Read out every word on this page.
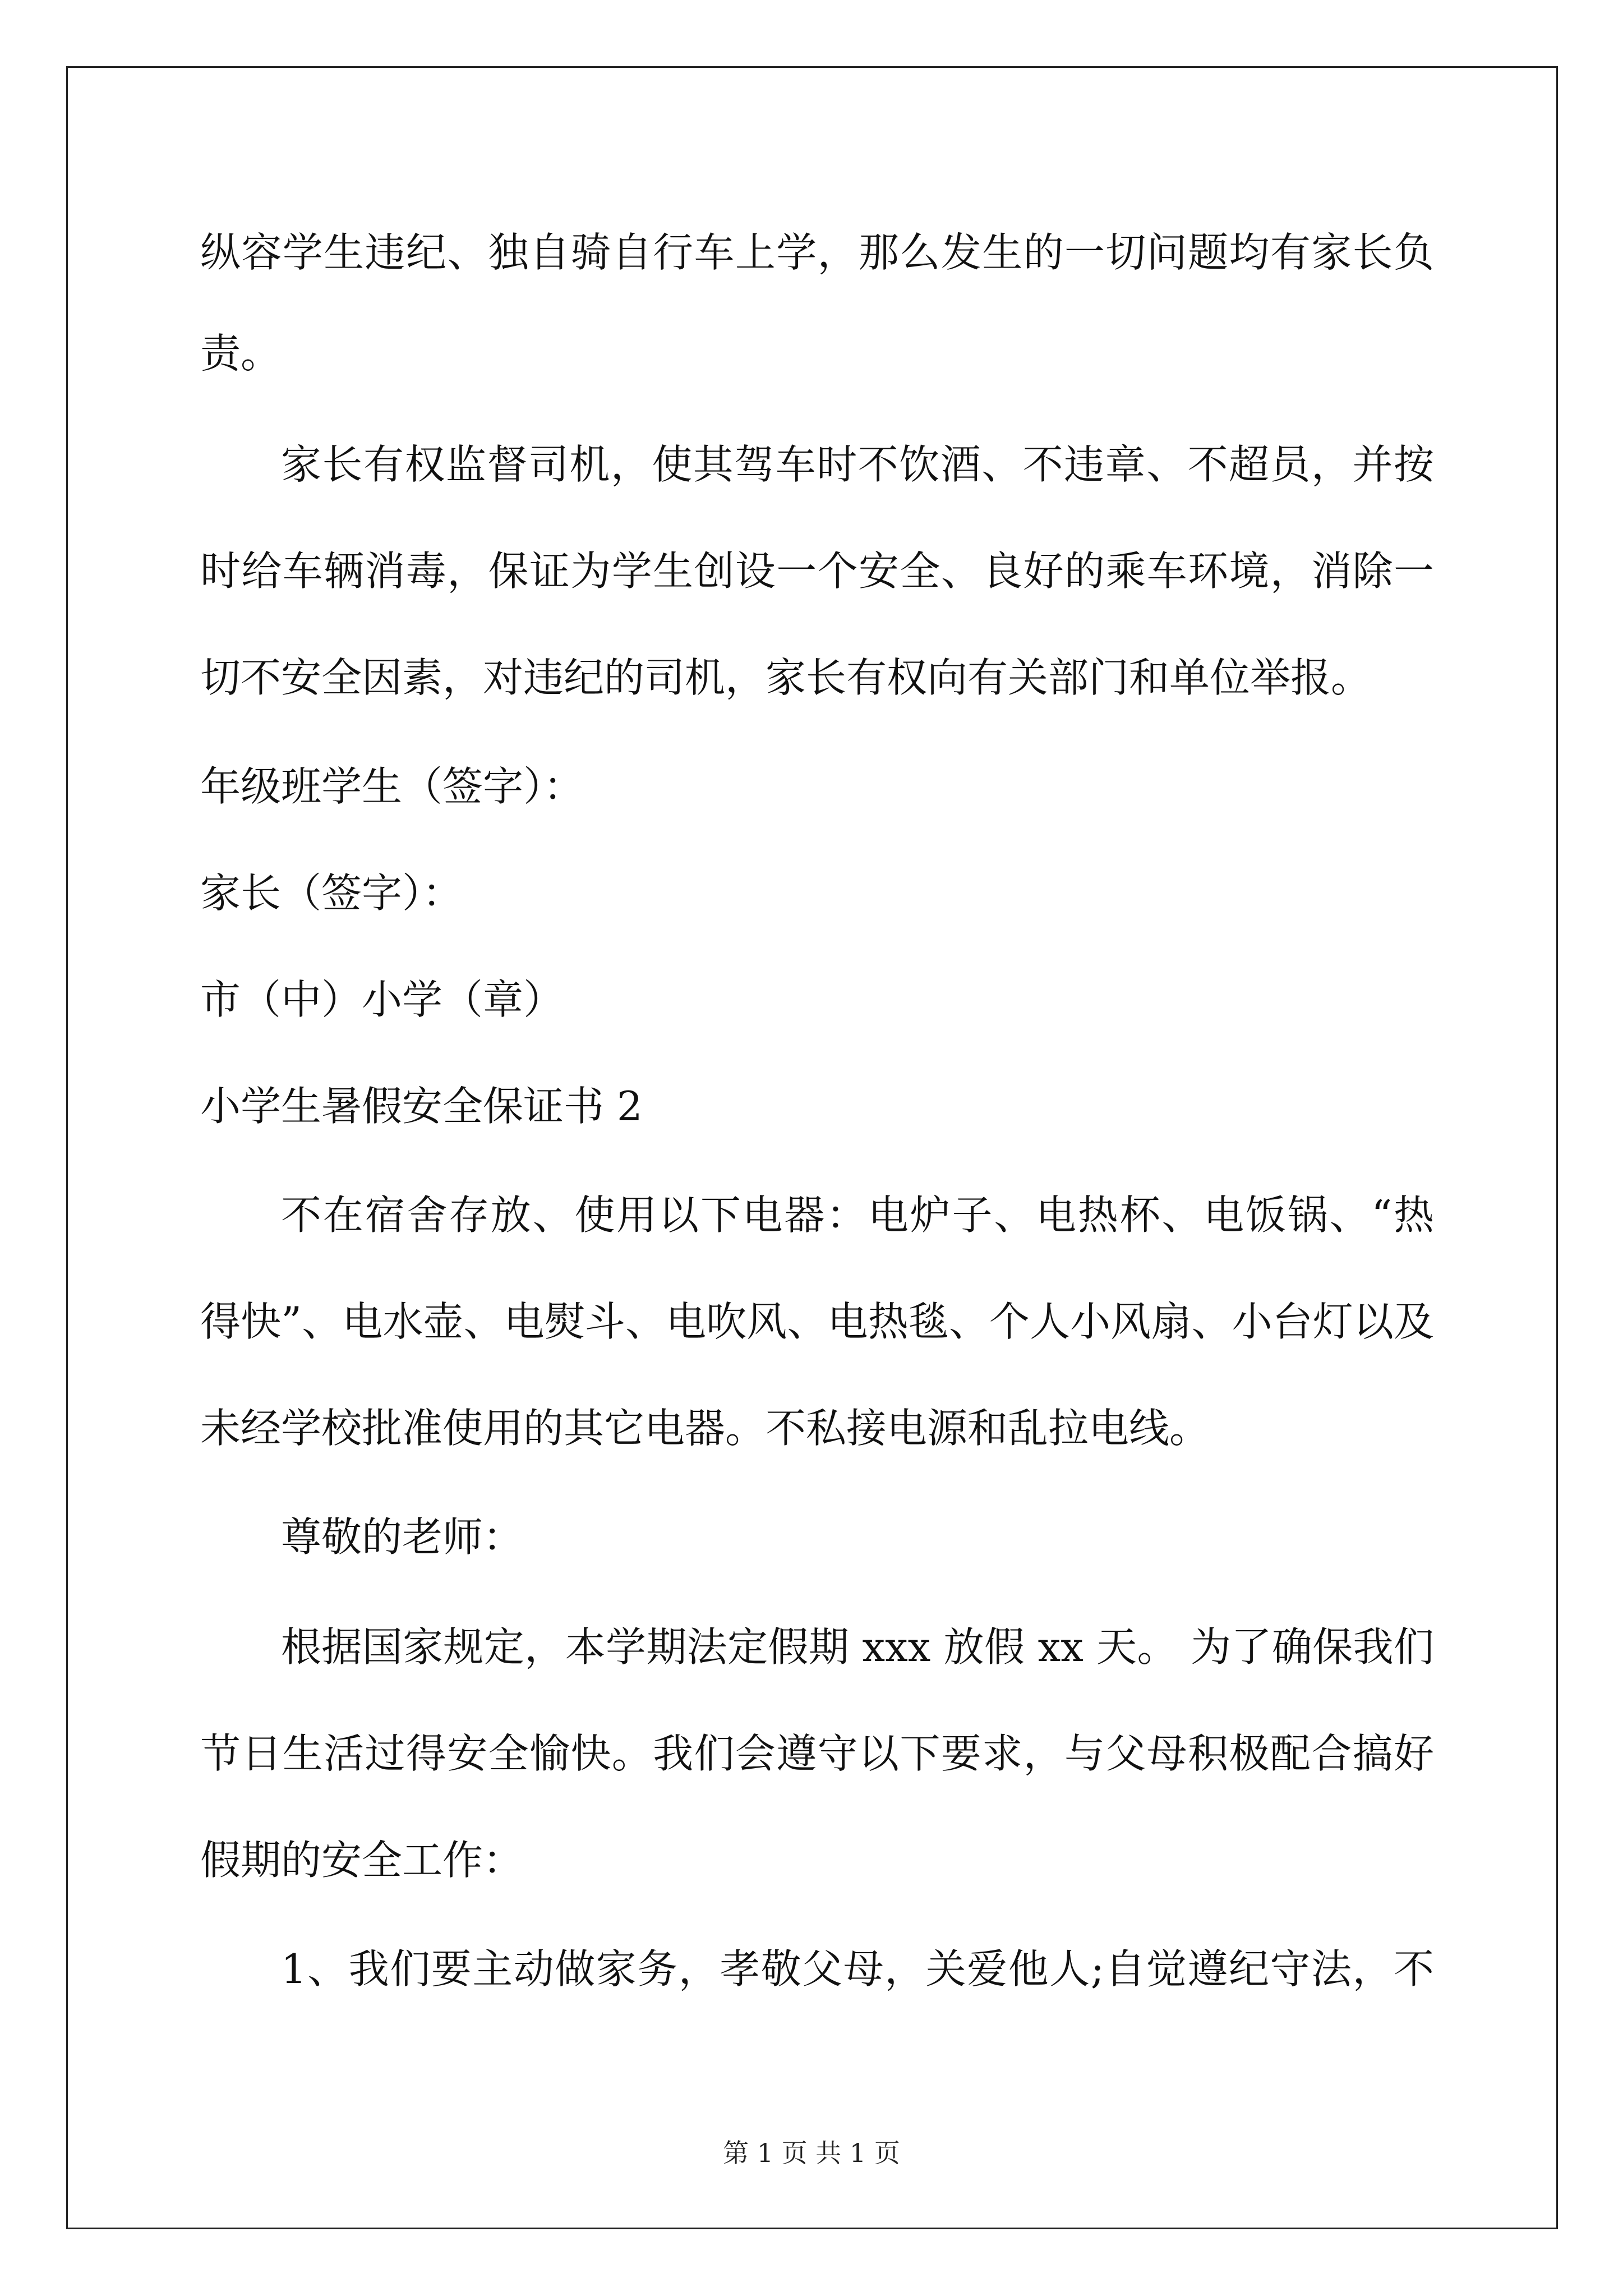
纵容学生违纪、独自骑自行车上学，那么发生的一切问题均有家长负
责。
家长有权监督司机，使其驾车时不饮酒、不违章、不超员，并按
时给车辆消毒，保证为学生创设一个安全、良好的乘车环境，消除一
切不安全因素，对违纪的司机，家长有权向有关部门和单位举报。
年级班学生（签字）：
家长（签字）：
市（中）小学（章）
小学生暑假安全保证书 2
不在宿舍存放、使用以下电器：电炉子、电热杯、电饭锅、“热
得快”、电水壶、电熨斗、电吹风、电热毯、个人小风扇、小台灯以及
未经学校批准使用的其它电器。不私接电源和乱拉电线。
尊敬的老师：
根据国家规定，本学期法定假期 xxx 放假 xx 天。 为了确保我们
节日生活过得安全愉快。我们会遵守以下要求，与父母积极配合搞好
假期的安全工作：
1、我们要主动做家务，孝敬父母，关爱他人;自觉遵纪守法，不
第 1 页 共 1 页
